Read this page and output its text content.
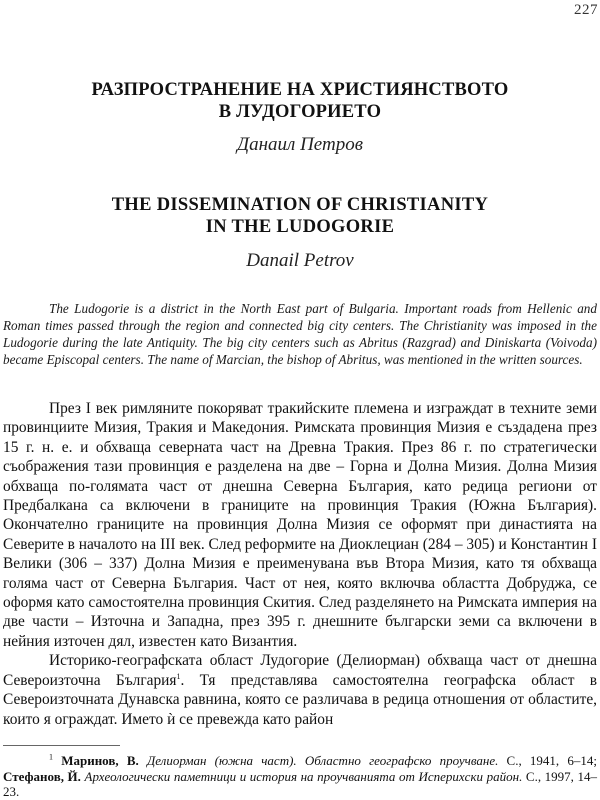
227
РАЗПРОСТРАНЕНИЕ НА ХРИСТИЯНСТВОТО
В ЛУДОГОРИЕТО
Данаил Петров
THE DISSEMINATION OF CHRISTIANITY
IN THE LUDOGORIE
Danail Petrov

The Ludogorie is a district in the North East part of Bulgaria. Important roads from Hellenic and Roman times passed through the region and connected big city centers. The Christianity was imposed in the Ludogorie during the late Antiquity. The big city centers such as Abritus (Razgrad) and Diniskarta (Voivoda) became Episcopal centers. The name of Marcian, the bishop of Abritus, was mentioned in the written sources.

През I век римляните покоряват тракийските племена и изграждат в техните земи провинциите Мизия, Тракия и Македония. Римската провинция Мизия е създадена през 15 г. н. е. и обхваща северната част на Древна Тракия. През 86 г. по стратегически съображения тази провинция е разделена на две – Горна и Долна Мизия. Долна Мизия обхваща по-голямата част от днешна Северна България, като редица региони от Предбалкана са включени в границите на провинция Тракия (Южна България). Окончателно границите на провинция Долна Мизия се оформят при династията на Северите в началото на III век. След реформите на Диоклециан (284 – 305) и Константин I Велики (306 – 337) Долна Мизия е преименувана във Втора Мизия, като тя обхваща голяма част от Северна България. Част от нея, която включва областта Добруджа, се оформя като самостоятелна провинция Скития. След разделянето на Римската империя на две части – Източна и Западна, през 395 г. днешните български земи са включени в нейния източен дял, известен като Византия.

Историко-географската област Лудогорие (Делиорман) обхваща част от днешна Североизточна България$^1$. Тя представлява самостоятелна географска област в Североизточната Дунавска равнина, която се различава в редица отношения от областите, които я ограждат. Името ѝ се превежда като район

$^1$ Маринов, В. Делиорман (южна част). Областно географско проучване. С., 1941, 6–14; Стефанов, Й. Археологически паметници и история на проучванията от Испериxски район. С., 1997, 14–23.
